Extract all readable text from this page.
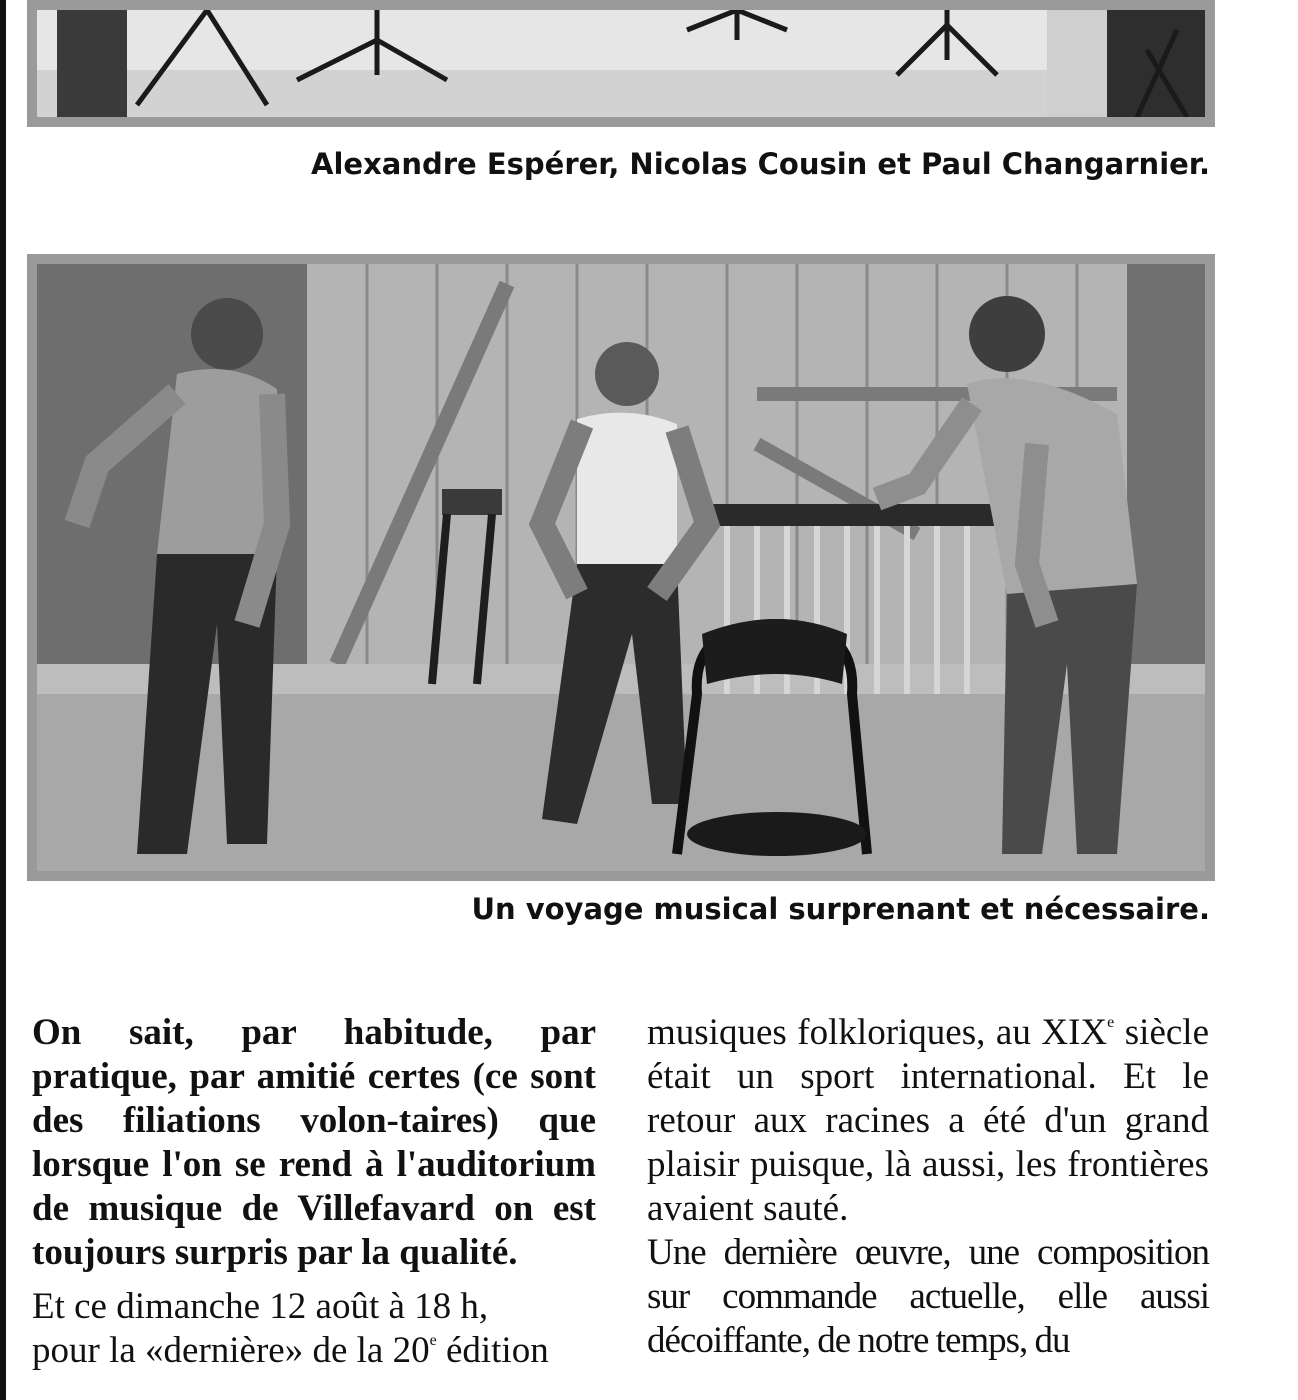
Alexandre Espérer, Nicolas Cousin et Paul Changarnier.
Un voyage musical surprenant et nécessaire.

On sait, par habitude, par pratique, par amitié certes (ce sont des filiations volon-taires) que lorsque l'on se rend à l'auditorium de musique de Villefavard on est toujours surpris par la qualité.

Et ce dimanche 12 août à 18 h,

pour la «dernière» de la 20e édition

musiques folkloriques, au XIXe siècle était un sport international. Et le retour aux racines a été d'un grand plaisir puisque, là aussi, les frontières avaient sauté.

Une dernière œuvre, une composition sur commande actuelle, elle aussi décoiffante, de notre temps, du
